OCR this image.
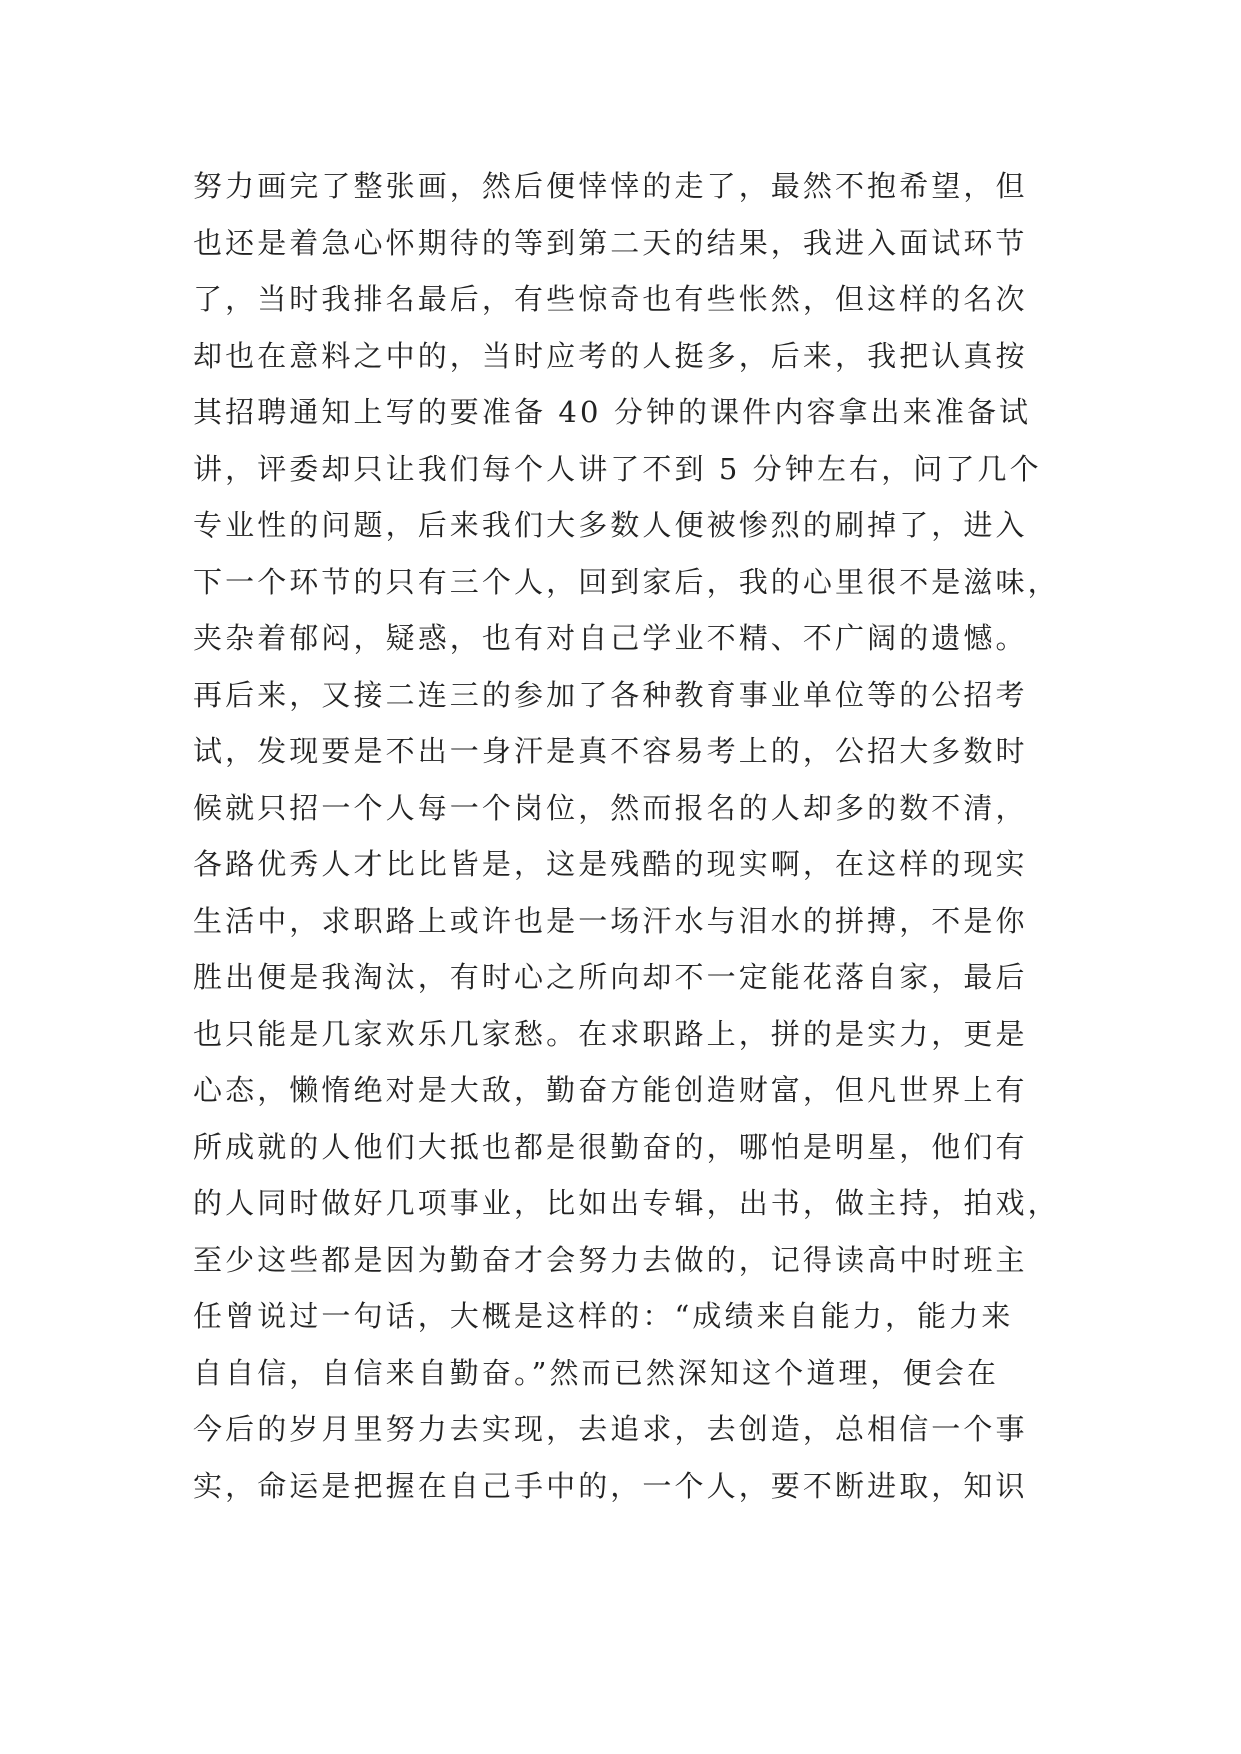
努力画完了整张画，然后便悻悻的走了，最然不抱希望，但
也还是着急心怀期待的等到第二天的结果，我进入面试环节
了，当时我排名最后，有些惊奇也有些怅然，但这样的名次
却也在意料之中的，当时应考的人挺多，后来，我把认真按
其招聘通知上写的要准备 40 分钟的课件内容拿出来准备试
讲，评委却只让我们每个人讲了不到 5 分钟左右，问了几个
专业性的问题，后来我们大多数人便被惨烈的刷掉了，进入
下一个环节的只有三个人，回到家后，我的心里很不是滋味，
夹杂着郁闷，疑惑，也有对自己学业不精、不广阔的遗憾。
再后来，又接二连三的参加了各种教育事业单位等的公招考
试，发现要是不出一身汗是真不容易考上的，公招大多数时
候就只招一个人每一个岗位，然而报名的人却多的数不清，
各路优秀人才比比皆是，这是残酷的现实啊，在这样的现实
生活中，求职路上或许也是一场汗水与泪水的拼搏，不是你
胜出便是我淘汰，有时心之所向却不一定能花落自家，最后
也只能是几家欢乐几家愁。在求职路上，拼的是实力，更是
心态，懒惰绝对是大敌，勤奋方能创造财富，但凡世界上有
所成就的人他们大抵也都是很勤奋的，哪怕是明星，他们有
的人同时做好几项事业，比如出专辑，出书，做主持，拍戏，
至少这些都是因为勤奋才会努力去做的，记得读高中时班主
任曾说过一句话，大概是这样的：“成绩来自能力，能力来
自自信，自信来自勤奋。”然而已然深知这个道理，便会在
今后的岁月里努力去实现，去追求，去创造，总相信一个事
实，命运是把握在自己手中的，一个人，要不断进取，知识
